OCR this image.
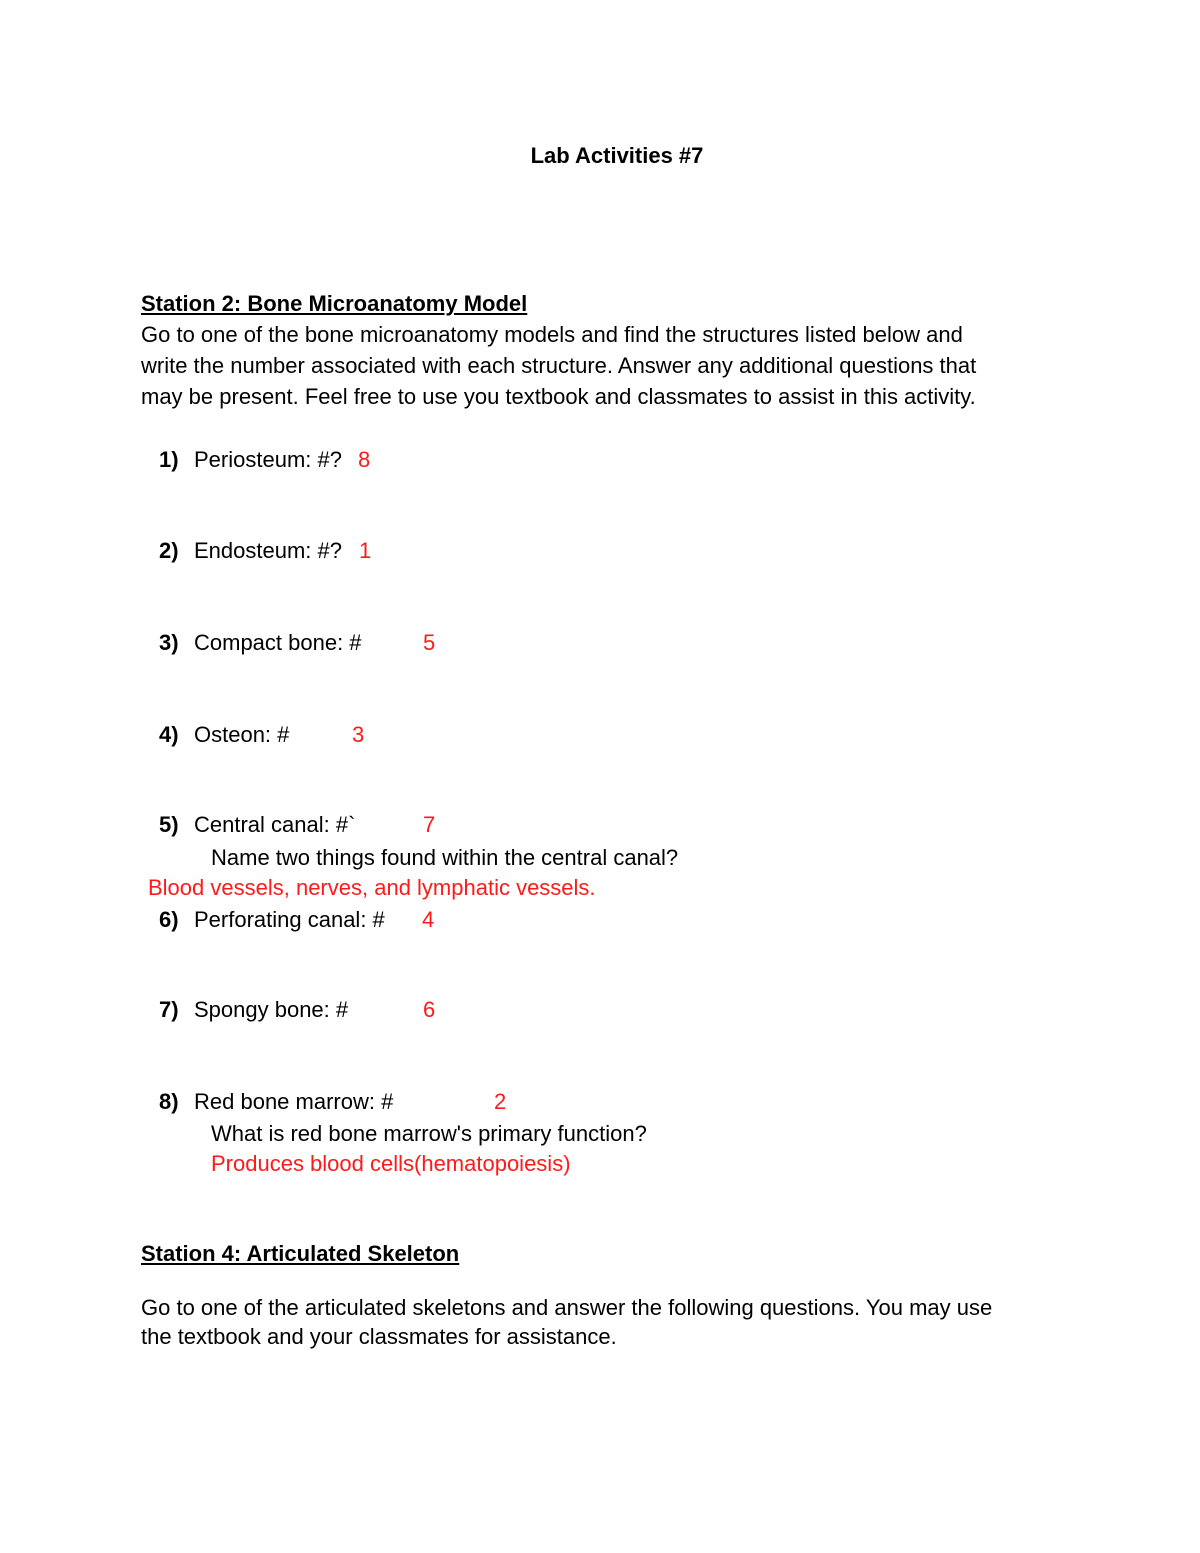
Lab Activities #7
Station 2: Bone Microanatomy Model
Go to one of the bone microanatomy models and find the structures listed below and
write the number associated with each structure. Answer any additional questions that
may be present. Feel free to use you textbook and classmates to assist in this activity.
1) Periosteum: #? 8
2) Endosteum: #? 1
3) Compact bone: #	5
4) Osteon: #	3
5) Central canal: #`	7
Name two things found within the central canal?
Blood vessels, nerves, and lymphatic vessels.
6) Perforating canal: # 4
7) Spongy bone: #	6
8) Red bone marrow: #	2
What is red bone marrow's primary function?
Produces blood cells(hematopoiesis)
Station 4: Articulated Skeleton
Go to one of the articulated skeletons and answer the following questions. You may use
the textbook and your classmates for assistance.
